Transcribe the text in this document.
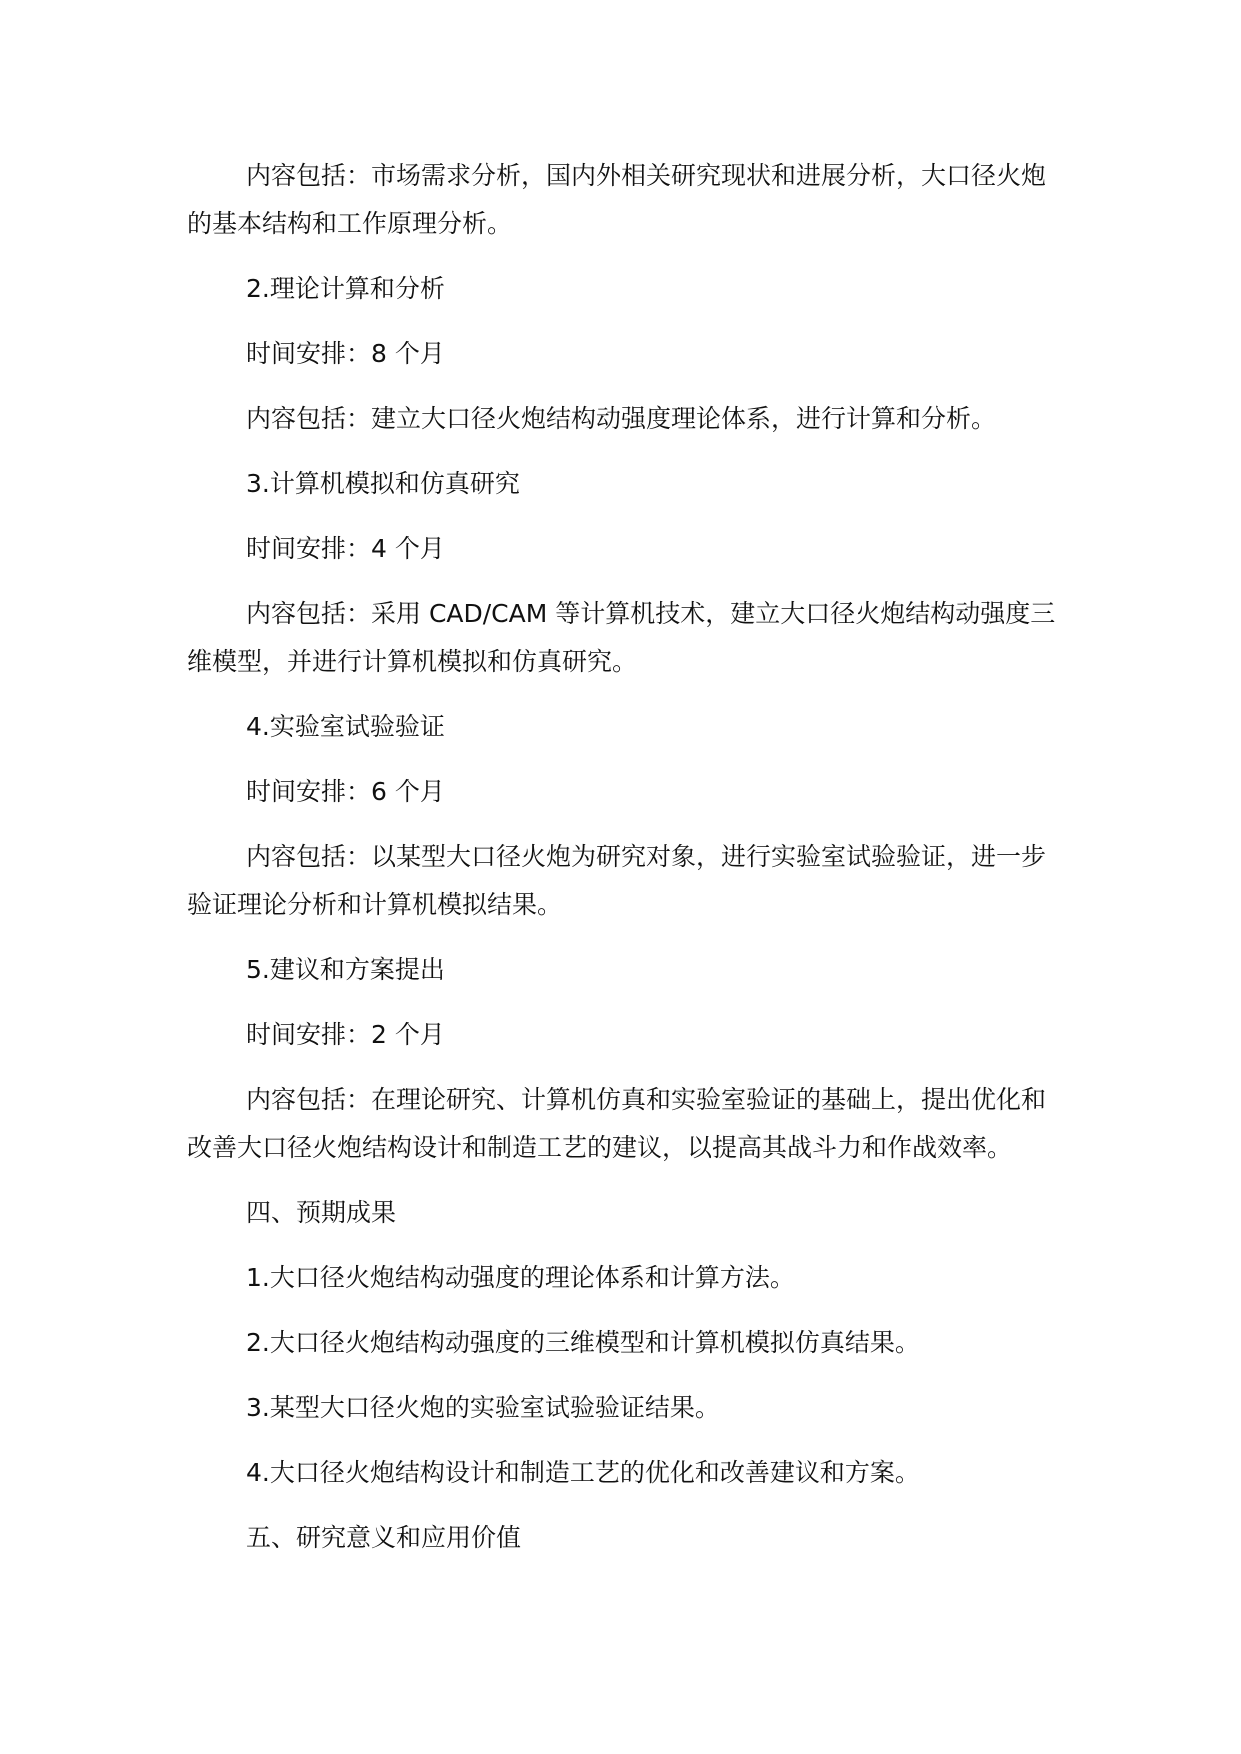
内容包括：市场需求分析，国内外相关研究现状和进展分析，大口径火炮的基本结构和工作原理分析。

2.理论计算和分析

时间安排：8 个月

内容包括：建立大口径火炮结构动强度理论体系，进行计算和分析。

3.计算机模拟和仿真研究

时间安排：4 个月

内容包括：采用 CAD/CAM 等计算机技术，建立大口径火炮结构动强度三维模型，并进行计算机模拟和仿真研究。

4.实验室试验验证

时间安排：6 个月

内容包括：以某型大口径火炮为研究对象，进行实验室试验验证，进一步验证理论分析和计算机模拟结果。

5.建议和方案提出

时间安排：2 个月

内容包括：在理论研究、计算机仿真和实验室验证的基础上，提出优化和改善大口径火炮结构设计和制造工艺的建议，以提高其战斗力和作战效率。

四、预期成果

1.大口径火炮结构动强度的理论体系和计算方法。

2.大口径火炮结构动强度的三维模型和计算机模拟仿真结果。

3.某型大口径火炮的实验室试验验证结果。

4.大口径火炮结构设计和制造工艺的优化和改善建议和方案。

五、研究意义和应用价值
